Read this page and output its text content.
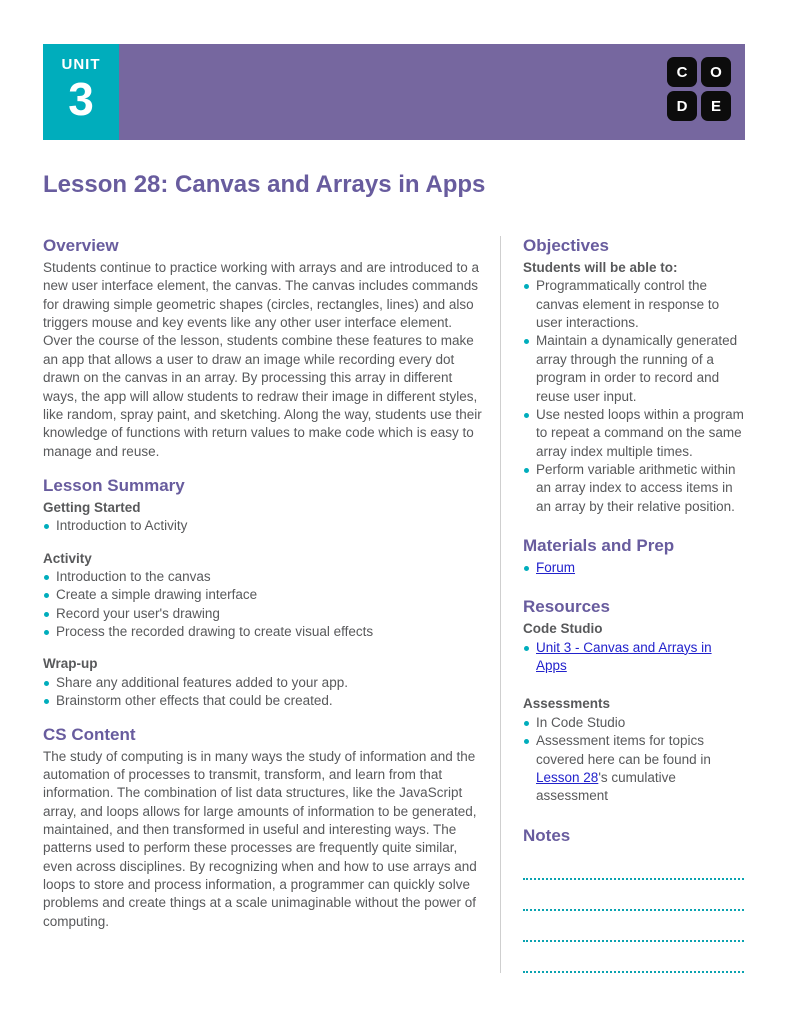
UNIT
3
C	O
D	E
Lesson 28: Canvas and Arrays in Apps
Overview

Students continue to practice working with arrays and are introduced to a new user interface element, the canvas. The canvas includes commands for drawing simple geometric shapes (circles, rectangles, lines) and also triggers mouse and key events like any other user interface element. Over the course of the lesson, students combine these features to make an app that allows a user to draw an image while recording every dot drawn on the canvas in an array. By processing this array in different ways, the app will allow students to redraw their image in different styles, like random, spray paint, and sketching. Along the way, students use their knowledge of functions with return values to make code which is easy to manage and reuse.

Lesson Summary

Getting Started

Introduction to Activity

Activity

Introduction to the canvas
Create a simple drawing interface
Record your user's drawing
Process the recorded drawing to create visual effects

Wrap-up

Share any additional features added to your app.
Brainstorm other effects that could be created.
CS Content

The study of computing is in many ways the study of information and the automation of processes to transmit, transform, and learn from that information. The combination of list data structures, like the JavaScript array, and loops allows for large amounts of information to be generated, maintained, and then transformed in useful and interesting ways. The patterns used to perform these processes are frequently quite similar, even across disciplines. By recognizing when and how to use arrays and loops to store and process information, a programmer can quickly solve problems and create things at a scale unimaginable without the power of computing.

Objectives

Students will be able to:

Programmatically control the canvas element in response to user interactions.
Maintain a dynamically generated array through the running of a program in order to record and reuse user input.
Use nested loops within a program to repeat a command on the same array index multiple times.
Perform variable arithmetic within an array index to access items in an array by their relative position.
Materials and Prep
Forum
Resources

Code Studio

Unit 3 - Canvas and Arrays in Apps

Assessments

In Code Studio
Assessment items for topics covered here can be found in Lesson 28's cumulative assessment
Notes
